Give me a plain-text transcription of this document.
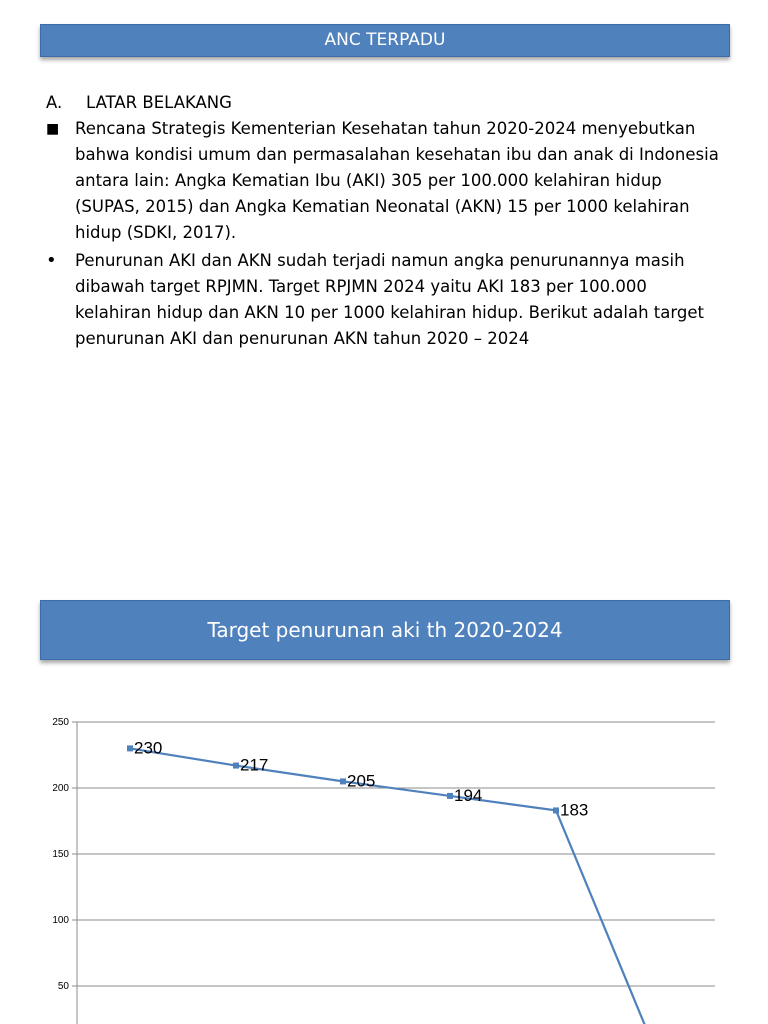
ANC TERPADU
A.	LATAR BELAKANG
■ Rencana Strategis Kementerian Kesehatan tahun 2020-2024 menyebutkan bahwa kondisi umum dan permasalahan kesehatan ibu dan anak di Indonesia antara lain: Angka Kematian Ibu (AKI) 305 per 100.000 kelahiran hidup (SUPAS, 2015) dan Angka Kematian Neonatal (AKN) 15 per 1000 kelahiran hidup (SDKI, 2017).
•	Penurunan AKI dan AKN sudah terjadi namun angka penurunannya masih dibawah target RPJMN. Target RPJMN 2024 yaitu AKI 183 per 100.000 kelahiran hidup dan AKN 10 per 1000 kelahiran hidup. Berikut adalah target penurunan AKI dan penurunan AKN tahun 2020 – 2024
Target penurunan aki th 2020-2024
250
200
150
100
50
230
217
205
194
183
